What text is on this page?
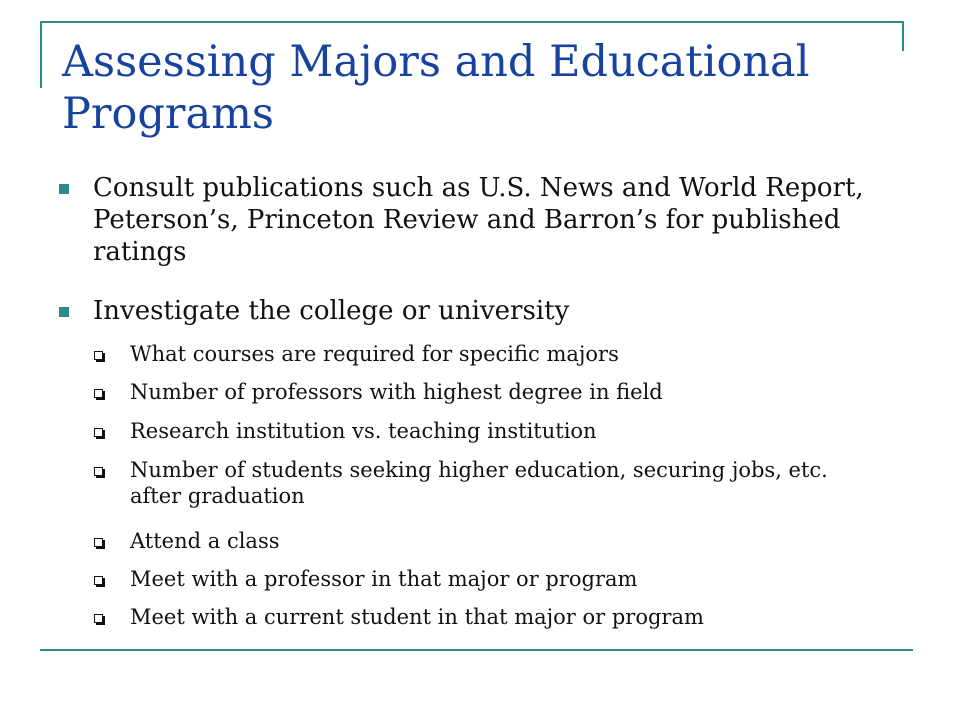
Assessing Majors and Educational Programs
Consult publications such as U.S. News and World Report, Peterson’s, Princeton Review and Barron’s for published ratings
Investigate the college or university
What courses are required for specific majors
Number of professors with highest degree in field
Research institution vs. teaching institution
Number of students seeking higher education, securing jobs, etc. after graduation
Attend a class
Meet with a professor in that major or program
Meet with a current student in that major or program
